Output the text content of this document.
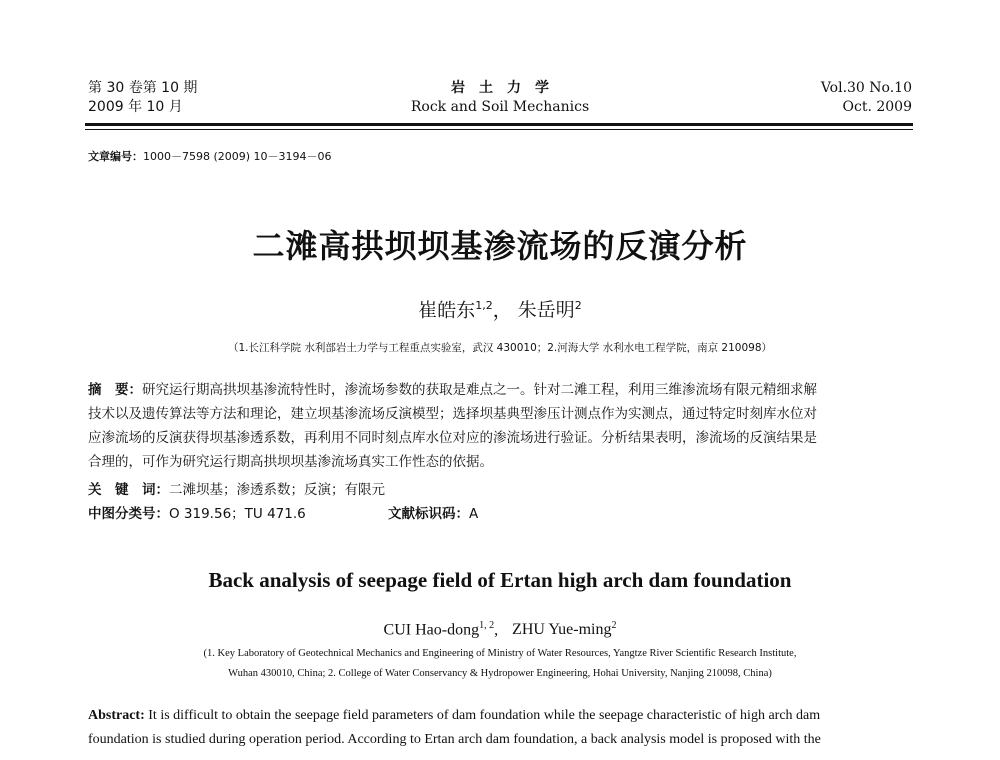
第 30 卷第 10 期
2009 年 10 月
岩　土　力　学
Rock and Soil Mechanics
Vol.30 No.10
Oct. 2009
文章编号：1000－7598 (2009) 10－3194－06
二滩高拱坝坝基渗流场的反演分析
崔皓东$^{1,2}$， 朱岳明$^2$
（1.长江科学院 水利部岩土力学与工程重点实验室，武汉 430010；2.河海大学 水利水电工程学院，南京 210098）
摘　要：研究运行期高拱坝基渗流特性时，渗流场参数的获取是难点之一。针对二滩工程，利用三维渗流场有限元精细求解
技术以及遗传算法等方法和理论，建立坝基渗流场反演模型；选择坝基典型渗压计测点作为实测点，通过特定时刻库水位对
应渗流场的反演获得坝基渗透系数，再利用不同时刻点库水位对应的渗流场进行验证。分析结果表明，渗流场的反演结果是
合理的，可作为研究运行期高拱坝坝基渗流场真实工作性态的依据。
关　键　词：二滩坝基；渗透系数；反演；有限元
中图分类号：O 319.56；TU 471.6	文献标识码：A
Back analysis of seepage field of Ertan high arch dam foundation
CUI Hao-dong$^{1, 2}$, ZHU Yue-ming$^2$
(1. Key Laboratory of Geotechnical Mechanics and Engineering of Ministry of Water Resources, Yangtze River Scientific Research Institute,
Wuhan 430010, China; 2. College of Water Conservancy & Hydropower Engineering, Hohai University, Nanjing 210098, China)
Abstract: It is difficult to obtain the seepage field parameters of dam foundation while the seepage characteristic of high arch dam
foundation is studied during operation period. According to Ertan arch dam foundation, a back analysis model is proposed with the
